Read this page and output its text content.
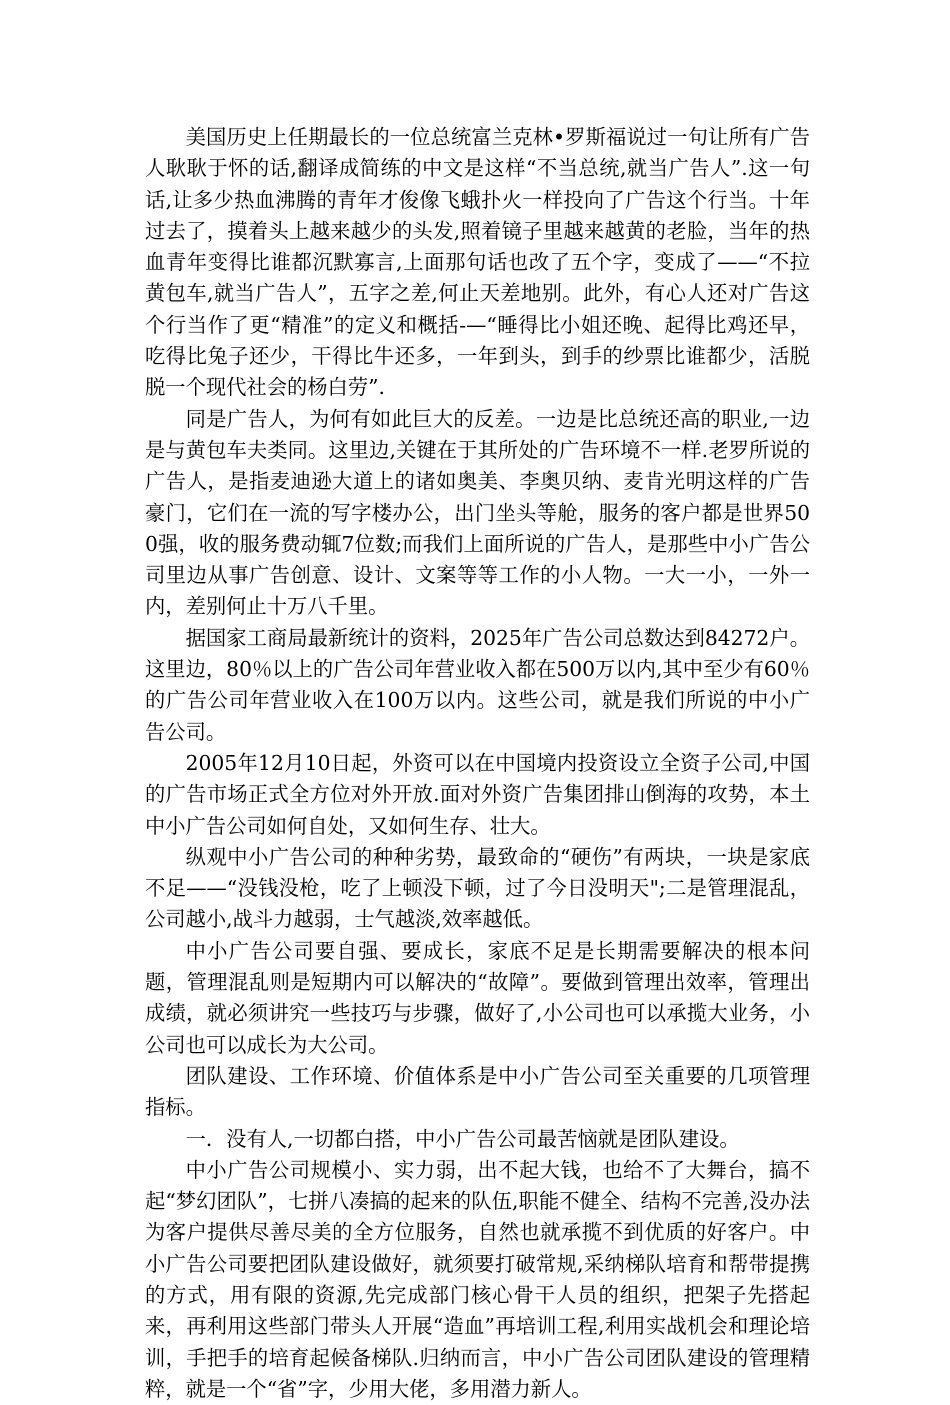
美国历史上任期最长的一位总统富兰克林•罗斯福说过一句让所有广告人耿耿于怀的话,翻译成简练的中文是这样“不当总统,就当广告人”.这一句话,让多少热血沸腾的青年才俊像飞蛾扑火一样投向了广告这个行当。十年过去了，摸着头上越来越少的头发,照着镜子里越来越黄的老脸，当年的热血青年变得比谁都沉默寡言,上面那句话也改了五个字，变成了——“不拉黄包车,就当广告人”，五字之差,何止天差地别。此外，有心人还对广告这个行当作了更“精准”的定义和概括-—“睡得比小姐还晚、起得比鸡还早，吃得比兔子还少，干得比牛还多，一年到头，到手的纱票比谁都少，活脱脱一个现代社会的杨白劳”.

同是广告人，为何有如此巨大的反差。一边是比总统还高的职业,一边是与黄包车夫类同。这里边,关键在于其所处的广告环境不一样.老罗所说的广告人，是指麦迪逊大道上的诸如奥美、李奥贝纳、麦肯光明这样的广告豪门，它们在一流的写字楼办公，出门坐头等舱，服务的客户都是世界500强，收的服务费动辄7位数;而我们上面所说的广告人，是那些中小广告公司里边从事广告创意、设计、文案等等工作的小人物。一大一小，一外一内，差别何止十万八千里。

据国家工商局最新统计的资料，2025年广告公司总数达到84272户。这里边，80％以上的广告公司年营业收入都在500万以内,其中至少有60％的广告公司年营业收入在100万以内。这些公司，就是我们所说的中小广告公司。

2005年12月10日起，外资可以在中国境内投资设立全资子公司,中国的广告市场正式全方位对外开放.面对外资广告集团排山倒海的攻势，本土中小广告公司如何自处，又如何生存、壮大。

纵观中小广告公司的种种劣势，最致命的“硬伤”有两块，一块是家底不足——“没钱没枪，吃了上顿没下顿，过了今日没明天";二是管理混乱，公司越小,战斗力越弱，士气越淡,效率越低。

中小广告公司要自强、要成长，家底不足是长期需要解决的根本问题，管理混乱则是短期内可以解决的“故障”。要做到管理出效率，管理出成绩，就必须讲究一些技巧与步骤，做好了,小公司也可以承揽大业务，小公司也可以成长为大公司。

团队建设、工作环境、价值体系是中小广告公司至关重要的几项管理指标。

一．没有人,一切都白搭，中小广告公司最苦恼就是团队建设。

中小广告公司规模小、实力弱，出不起大钱，也给不了大舞台，搞不起“梦幻团队”，七拼八凑搞的起来的队伍,职能不健全、结构不完善,没办法为客户提供尽善尽美的全方位服务，自然也就承揽不到优质的好客户。中小广告公司要把团队建设做好，就须要打破常规,采纳梯队培育和帮带提携的方式，用有限的资源,先完成部门核心骨干人员的组织，把架子先搭起来，再利用这些部门带头人开展“造血”再培训工程,利用实战机会和理论培训，手把手的培育起候备梯队.归纳而言，中小广告公司团队建设的管理精粹，就是一个“省”字，少用大佬，多用潜力新人。
